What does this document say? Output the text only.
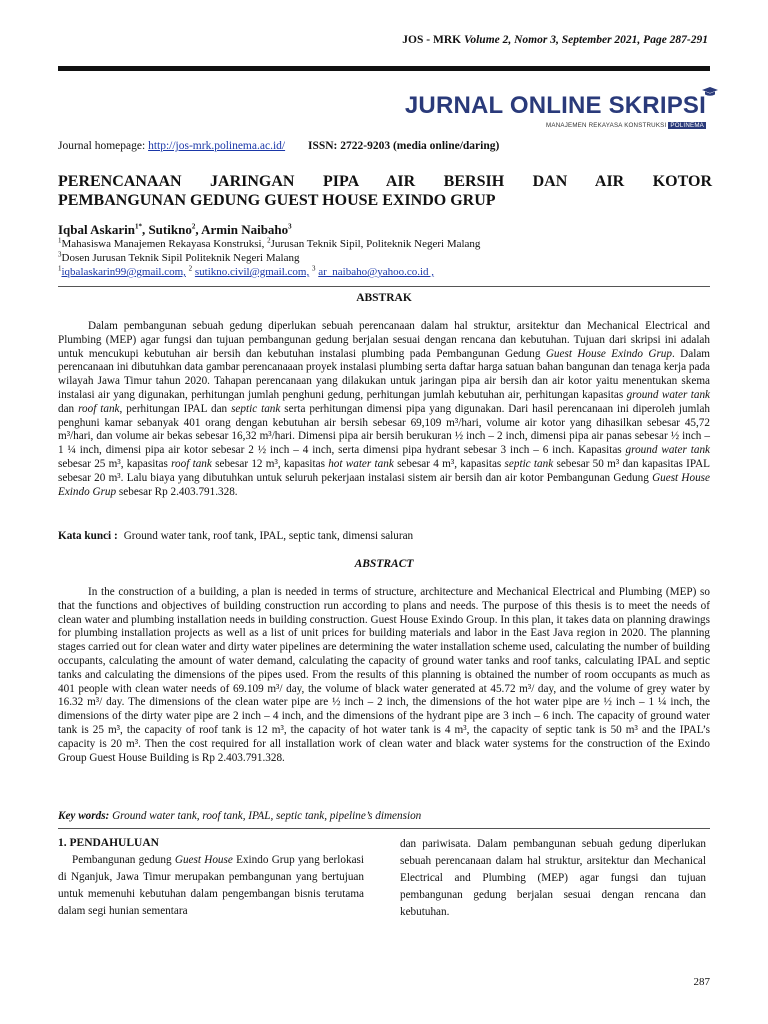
JOS - MRK Volume 2, Nomor 3, September 2021, Page 287-291
JURNAL ONLINE SKRIPSI
MANAJEMEN REKAYASA KONSTRUKSI POLINEMA
Journal homepage: http://jos-mrk.polinema.ac.id/ ISSN: 2722-9203 (media online/daring)
PERENCANAAN JARINGAN PIPA AIR BERSIH DAN AIR KOTOR
PEMBANGUNAN GEDUNG GUEST HOUSE EXINDO GRUP
Iqbal Askarin$^{1*}$, Sutikno$^2$, Armin Naibaho$^3$
$^1$Mahasiswa Manajemen Rekayasa Konstruksi, $^2$Jurusan Teknik Sipil, Politeknik Negeri Malang
$^3$Dosen Jurusan Teknik Sipil Politeknik Negeri Malang
$^1$iqbalaskarin99@gmail.com, $^2$ sutikno.civil@gmail.com, $^3$ ar_naibaho@yahoo.co.id ,
ABSTRAK
Dalam pembangunan sebuah gedung diperlukan sebuah perencanaan dalam hal struktur, arsitektur dan Mechanical Electrical and Plumbing (MEP) agar fungsi dan tujuan pembangunan gedung berjalan sesuai dengan rencana dan kebutuhan. Tujuan dari skripsi ini adalah untuk mencukupi kebutuhan air bersih dan kebutuhan instalasi plumbing pada Pembangunan Gedung Guest House Exindo Grup. Dalam perencanaan ini dibutuhkan data gambar perencanaaan proyek instalasi plumbing serta daftar harga satuan bahan bangunan dan tenaga kerja pada wilayah Jawa Timur tahun 2020. Tahapan perencanaan yang dilakukan untuk jaringan pipa air bersih dan air kotor yaitu menentukan skema instalasi air yang digunakan, perhitungan jumlah penghuni gedung, perhitungan jumlah kebutuhan air, perhitungan kapasitas ground water tank dan roof tank, perhitungan IPAL dan septic tank serta perhitungan dimensi pipa yang digunakan. Dari hasil perencanaan ini diperoleh jumlah penghuni kamar sebanyak 401 orang dengan kebutuhan air bersih sebesar 69,109 m³/hari, volume air kotor yang dihasilkan sebesar 45,72 m³/hari, dan volume air bekas sebesar 16,32 m³/hari. Dimensi pipa air bersih berukuran ½ inch – 2 inch, dimensi pipa air panas sebesar ½ inch – 1 ¼ inch, dimensi pipa air kotor sebesar 2 ½ inch – 4 inch, serta dimensi pipa hydrant sebesar 3 inch – 6 inch. Kapasitas ground water tank sebesar 25 m³, kapasitas roof tank sebesar 12 m³, kapasitas hot water tank sebesar 4 m³, kapasitas septic tank sebesar 50 m³ dan kapasitas IPAL sebesar 20 m³. Lalu biaya yang dibutuhkan untuk seluruh pekerjaan instalasi sistem air bersih dan air kotor Pembangunan Gedung Guest House Exindo Grup sebesar Rp 2.403.791.328.
Kata kunci : Ground water tank, roof tank, IPAL, septic tank, dimensi saluran
ABSTRACT
In the construction of a building, a plan is needed in terms of structure, architecture and Mechanical Electrical and Plumbing (MEP) so that the functions and objectives of building construction run according to plans and needs. The purpose of this thesis is to meet the needs of clean water and plumbing installation needs in building construction. Guest House Exindo Group. In this plan, it takes data on planning drawings for plumbing installation projects as well as a list of unit prices for building materials and labor in the East Java region in 2020. The planning stages carried out for clean water and dirty water pipelines are determining the water installation scheme used, calculating the number of building occupants, calculating the amount of water demand, calculating the capacity of ground water tanks and roof tanks, calculating IPAL and septic tanks and calculating the dimensions of the pipes used. From the results of this planning is obtained the number of room occupants as much as 401 people with clean water needs of 69.109 m³/ day, the volume of black water generated at 45.72 m³/ day, and the volume of grey water by 16.32 m³/ day. The dimensions of the clean water pipe are ½ inch – 2 inch, the dimensions of the hot water pipe are ½ inch – 1 ¼ inch, the dimensions of the dirty water pipe are 2 inch – 4 inch, and the dimensions of the hydrant pipe are 3 inch – 6 inch. The capacity of ground water tank is 25 m³, the capacity of roof tank is 12 m³, the capacity of hot water tank is 4 m³, the capacity of septic tank is 50 m³ and the IPAL’s capacity is 20 m³. Then the cost required for all installation work of clean water and black water systems for the construction of the Exindo Group Guest House Building is Rp 2.403.791.328.
Key words: Ground water tank, roof tank, IPAL, septic tank, pipeline’s dimension
1. PENDAHULUAN
Pembangunan gedung Guest House Exindo Grup yang berlokasi di Nganjuk, Jawa Timur merupakan pembangunan yang bertujuan untuk memenuhi kebutuhan dalam pengembangan bisnis terutama dalam segi hunian sementara
dan pariwisata. Dalam pembangunan sebuah gedung diperlukan sebuah perencanaan dalam hal struktur, arsitektur dan Mechanical Electrical and Plumbing (MEP) agar fungsi dan tujuan pembangunan gedung berjalan sesuai dengan rencana dan kebutuhan.
287
